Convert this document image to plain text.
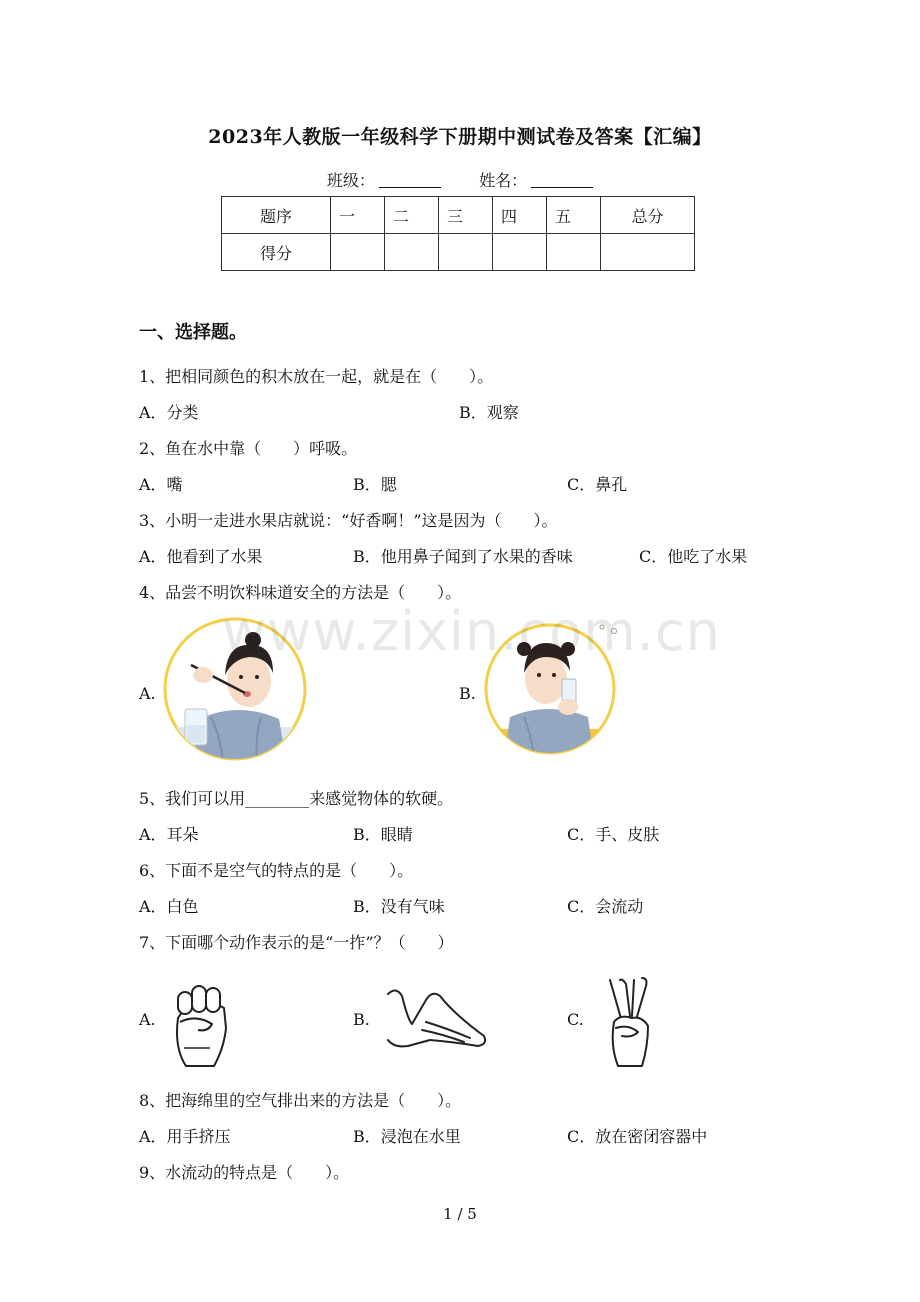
2023年人教版一年级科学下册期中测试卷及答案【汇编】
班级：	姓名：
题序	一	二	三	四	五	总分
得分						
一、选择题。
1、把相同颜色的积木放在一起，就是在（　　）。
A．分类	B．观察
2、鱼在水中靠（　　）呼吸。
A．嘴	B．腮	C．鼻孔
3、小明一走进水果店就说：“好香啊！”这是因为（　　）。
A．他看到了水果	B．他用鼻子闻到了水果的香味	C．他吃了水果
4、品尝不明饮料味道安全的方法是（　　）。
A.	B.
5、我们可以用________来感觉物体的软硬。
A．耳朵	B．眼睛	C．手、皮肤
6、下面不是空气的特点的是（　　）。
A．白色	B．没有气味	C．会流动
7、下面哪个动作表示的是“一拃”？（　　）
A.	B.	C.
8、把海绵里的空气排出来的方法是（　　）。
A．用手挤压	B．浸泡在水里	C．放在密闭容器中
9、水流动的特点是（　　）。
www.zixin.com.cn
1 / 5
